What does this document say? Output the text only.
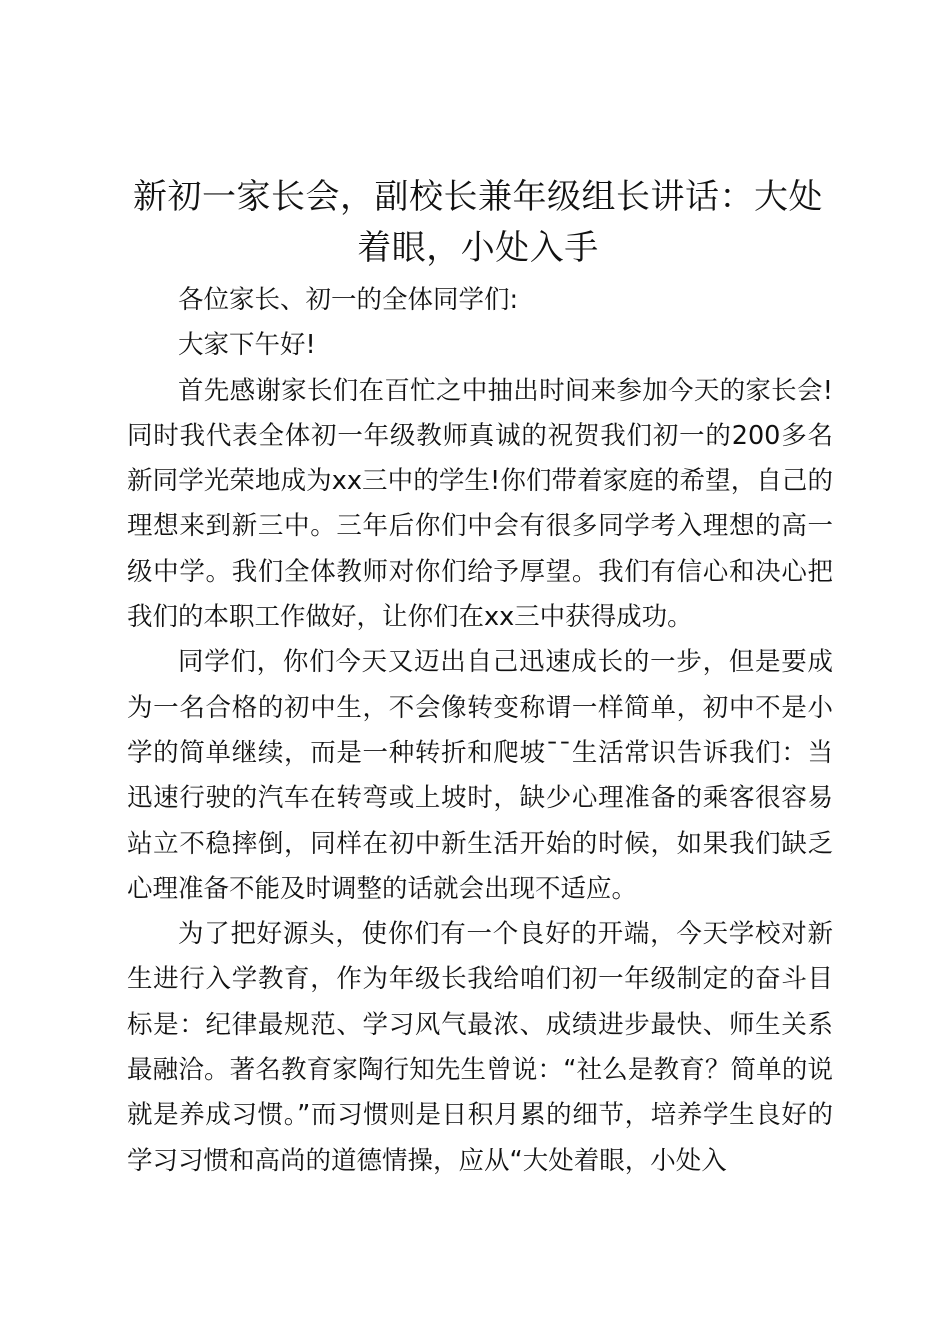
新初一家长会，副校长兼年级组长讲话：大处着眼，小处入手

各位家长、初一的全体同学们:

大家下午好!

首先感谢家长们在百忙之中抽出时间来参加今天的家长会!同时我代表全体初一年级教师真诚的祝贺我们初一的200多名新同学光荣地成为xx三中的学生!你们带着家庭的希望，自己的理想来到新三中。三年后你们中会有很多同学考入理想的高一级中学。我们全体教师对你们给予厚望。我们有信心和决心把我们的本职工作做好，让你们在xx三中获得成功。

同学们，你们今天又迈出自己迅速成长的一步，但是要成为一名合格的初中生，不会像转变称谓一样简单，初中不是小学的简单继续，而是一种转折和爬坡¯¯生活常识告诉我们：当迅速行驶的汽车在转弯或上坡时，缺少心理准备的乘客很容易站立不稳摔倒，同样在初中新生活开始的时候，如果我们缺乏心理准备不能及时调整的话就会出现不适应。

为了把好源头，使你们有一个良好的开端，今天学校对新生进行入学教育，作为年级长我给咱们初一年级制定的奋斗目标是：纪律最规范、学习风气最浓、成绩进步最快、师生关系最融洽。著名教育家陶行知先生曾说：“社么是教育？简单的说就是养成习惯。”而习惯则是日积月累的细节，培养学生良好的学习习惯和高尚的道德情操，应从“大处着眼，小处入
